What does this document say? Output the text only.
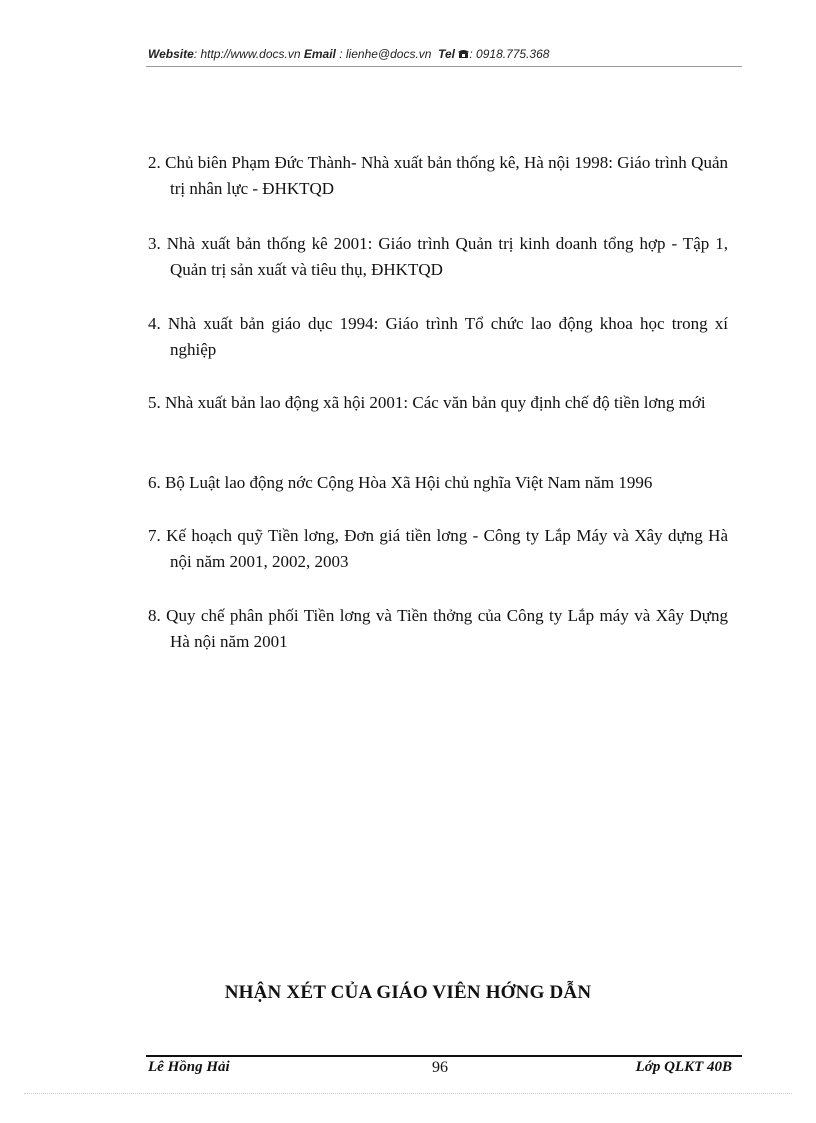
Website: http://www.docs.vn Email : lienhe@docs.vn Tel : 0918.775.368
2. Chủ biên Phạm Đức Thành- Nhà xuất bản thống kê, Hà nội 1998: Giáo trình Quản trị nhân lực - ĐHKTQD
3. Nhà xuất bản thống kê 2001: Giáo trình Quản trị kinh doanh tổng hợp - Tập 1, Quản trị sản xuất và tiêu thụ, ĐHKTQD
4. Nhà xuất bản giáo dục 1994: Giáo trình Tổ chức lao động khoa học trong xí nghiệp
5. Nhà xuất bản lao động xã hội 2001: Các văn bản quy định chế độ tiền lơng mới
6. Bộ Luật lao động nớc Cộng Hòa Xã Hội chủ nghĩa Việt Nam năm 1996
7. Kế hoạch quỹ Tiền lơng, Đơn giá tiền lơng - Công ty Lắp Máy và Xây dựng Hà nội năm 2001, 2002, 2003
8. Quy chế phân phối Tiền lơng và Tiền thởng của Công ty Lắp máy và Xây Dựng Hà nội năm 2001
NHẬN XÉT CỦA GIÁO VIÊN HỚNG DẪN
Lê Hồng Hải	96	Lớp QLKT 40B
